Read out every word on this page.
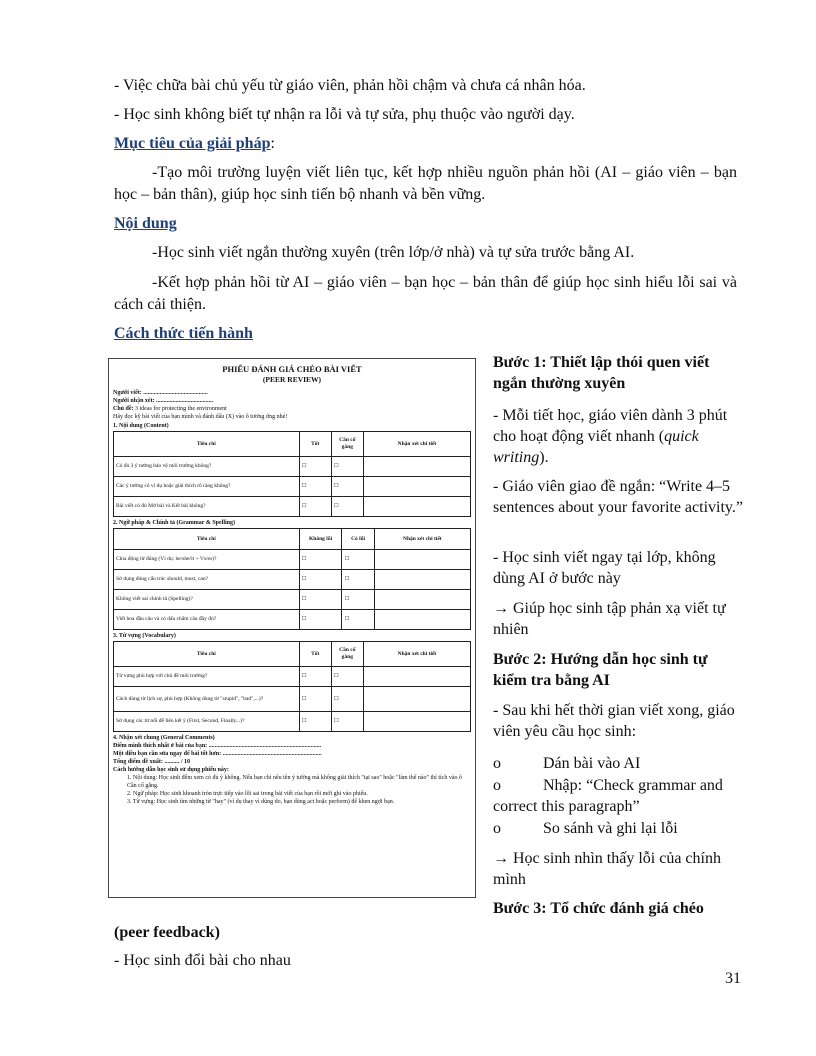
- Việc chữa bài chủ yếu từ giáo viên, phản hồi chậm và chưa cá nhân hóa.
- Học sinh không biết tự nhận ra lỗi và tự sửa, phụ thuộc vào người dạy.
Mục tiêu của giải pháp:
-Tạo môi trường luyện viết liên tục, kết hợp nhiều nguồn phản hồi (AI – giáo viên – bạn học – bản thân), giúp học sinh tiến bộ nhanh và bền vững.
Nội dung
-Học sinh viết ngắn thường xuyên (trên lớp/ở nhà) và tự sửa trước bằng AI.
-Kết hợp phản hồi từ AI – giáo viên – bạn học – bản thân để giúp học sinh hiểu lỗi sai và cách cải thiện.
Cách thức tiến hành
PHIẾU ĐÁNH GIÁ CHÉO BÀI VIẾT
(PEER REVIEW)
Người viết: ...........................................
Người nhận xét: ......................................
Chủ đề: 3 ideas for protecting the environment
Hãy đọc kỹ bài viết của bạn mình và đánh dấu (X) vào ô tương ứng nhé!
1. Nội dung (Content)
Tiêu chí	Tốt	Cần cố gắng	Nhận xét chi tiết
Có đủ 3 ý tưởng bảo vệ môi trường không?	☐	☐	
Các ý tưởng có ví dụ hoặc giải thích rõ ràng không?	☐	☐	
Bài viết có đủ Mở bài và Kết bài không?	☐	☐	
2. Ngữ pháp & Chính tả (Grammar & Spelling)
Tiêu chí	Không lỗi	Có lỗi	Nhận xét chi tiết
Chia động từ đúng (Ví dụ: he/she/it + Vs/es)?	☐	☐	
Sử dụng đúng cấu trúc should, must, can?	☐	☐	
Không viết sai chính tả (Spelling)?	☐	☐	
Viết hoa đầu câu và có dấu chấm câu đầy đủ?	☐	☐	
3. Từ vựng (Vocabulary)
Tiêu chí	Tốt	Cần cố gắng	Nhận xét chi tiết
Từ vựng phù hợp với chủ đề môi trường?	☐	☐	
Cách dùng từ lịch sự, phù hợp (Không dùng từ "stupid", "bad",...)?	☐	☐	
Sử dụng các từ nối để liên kết ý (First, Second, Finally...)?	☐	☐	
4. Nhận xét chung (General Comments)
Điểm mình thích nhất ở bài của bạn: ...........................................................................
Một điều bạn cần sửa ngay để bài tốt hơn: ..................................................................
Tổng điểm đề xuất: .......... / 10
Cách hướng dẫn học sinh sử dụng phiếu này:
1. Nội dung: Học sinh đếm xem có đủ ý không. Nếu bạn chỉ nêu tên ý tưởng mà không giải thích "tại sao" hoặc "làm thế nào" thì tích vào ô Cần cố gắng.
2. Ngữ pháp: Học sinh khoanh tròn trực tiếp vào lỗi sai trong bài viết của bạn rồi mới ghi vào phiếu.
3. Từ vựng: Học sinh tìm những từ "hay" (ví dụ thay vì dùng do, bạn dùng act hoặc perform) để khen ngợi bạn.
Bước 1: Thiết lập thói quen viết ngắn thường xuyên
- Mỗi tiết học, giáo viên dành 3 phút cho hoạt động viết nhanh (quick writing).
- Giáo viên giao đề ngắn: “Write 4–5 sentences about your favorite activity.”
- Học sinh viết ngay tại lớp, không dùng AI ở bước này
→ Giúp học sinh tập phản xạ viết tự nhiên
Bước 2: Hướng dẫn học sinh tự kiểm tra bằng AI
- Sau khi hết thời gian viết xong, giáo viên yêu cầu học sinh:
o	Dán bài vào AI
o	Nhập: “Check grammar and correct this paragraph”
o	So sánh và ghi lại lỗi
→ Học sinh nhìn thấy lỗi của chính mình
Bước 3: Tổ chức đánh giá chéo
(peer feedback)
- Học sinh đổi bài cho nhau
31
